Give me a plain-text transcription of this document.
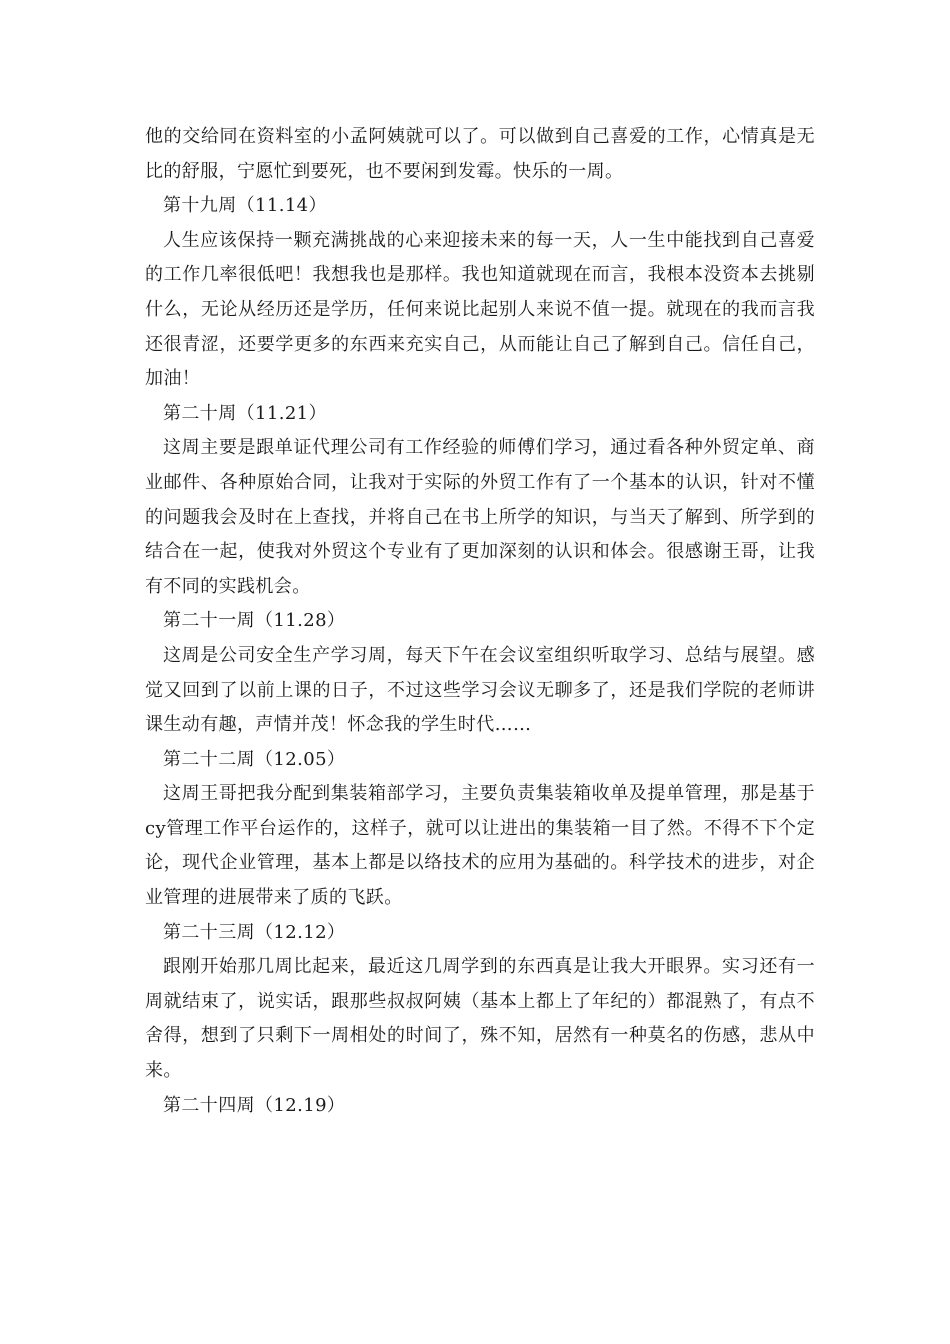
他的交给同在资料室的小孟阿姨就可以了。可以做到自己喜爱的工作，心情真是无比的舒服，宁愿忙到要死，也不要闲到发霉。快乐的一周。

第十九周（11.14）

人生应该保持一颗充满挑战的心来迎接未来的每一天，人一生中能找到自己喜爱的工作几率很低吧！我想我也是那样。我也知道就现在而言，我根本没资本去挑剔什么，无论从经历还是学历，任何来说比起别人来说不值一提。就现在的我而言我还很青涩，还要学更多的东西来充实自己，从而能让自己了解到自己。信任自己，加油！

第二十周（11.21）

这周主要是跟单证代理公司有工作经验的师傅们学习，通过看各种外贸定单、商业邮件、各种原始合同，让我对于实际的外贸工作有了一个基本的认识，针对不懂的问题我会及时在上查找，并将自己在书上所学的知识，与当天了解到、所学到的结合在一起，使我对外贸这个专业有了更加深刻的认识和体会。很感谢王哥，让我有不同的实践机会。

第二十一周（11.28）

这周是公司安全生产学习周，每天下午在会议室组织听取学习、总结与展望。感觉又回到了以前上课的日子，不过这些学习会议无聊多了，还是我们学院的老师讲课生动有趣，声情并茂！怀念我的学生时代……

第二十二周（12.05）

这周王哥把我分配到集装箱部学习，主要负责集装箱收单及提单管理，那是基于cy管理工作平台运作的，这样子，就可以让进出的集装箱一目了然。不得不下个定论，现代企业管理，基本上都是以络技术的应用为基础的。科学技术的进步，对企业管理的进展带来了质的飞跃。

第二十三周（12.12）

跟刚开始那几周比起来，最近这几周学到的东西真是让我大开眼界。实习还有一周就结束了，说实话，跟那些叔叔阿姨（基本上都上了年纪的）都混熟了，有点不舍得，想到了只剩下一周相处的时间了，殊不知，居然有一种莫名的伤感，悲从中来。

第二十四周（12.19）
